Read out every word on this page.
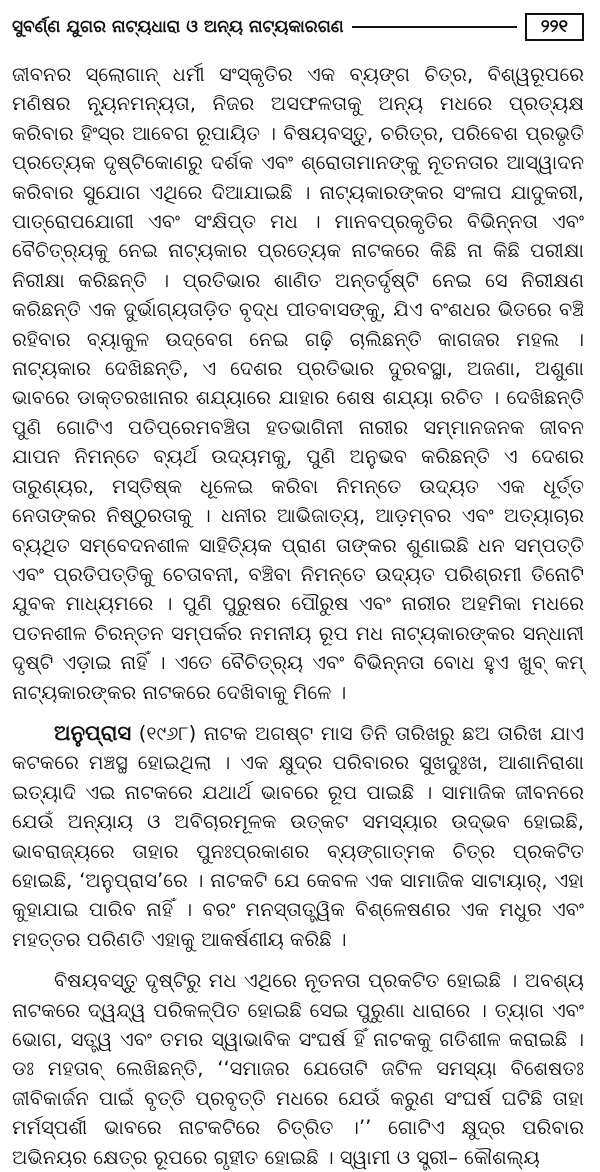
ସୁବର୍ଣ୍ଣ ଯୁଗର ନାଟ୍ୟଧାରା ଓ ଅନ୍ୟ ନାଟ୍ୟକାରଗଣ	୨୨୧

ଜୀବନର ସ୍ଲୋଗାନ୍ ଧର୍ମୀ ସଂସ୍କୃତିର ଏକ ବ୍ୟଙ୍ଗ ଚିତ୍ର, ବିଶ୍ୱରୂପରେ ମଣିଷର ନ୍ୟୂନମନ୍ୟତା, ନିଜର ଅସଫଳତାକୁ ଅନ୍ୟ ମଧରେ ପ୍ରତ୍ୟକ୍ଷ କରିବାର ହିଂସ୍ର ଆବେଗ ରୂପାୟିତ । ବିଷୟବସ୍ତୁ, ଚରିତ୍ର, ପରିବେଶ ପ୍ରଭୃତି ପ୍ରତ୍ୟେକ ଦୃଷ୍ଟିକୋଣରୁ ଦର୍ଶକ ଏବଂ ଶ୍ରୋତାମାନଙ୍କୁ ନୂତନତାର ଆସ୍ୱାଦନ କରିବାର ସୁଯୋଗ ଏଥିରେ ଦିଆଯାଇଛି । ନାଟ୍ୟକାରଙ୍କର ସଂଳାପ ଯାଦୁକରୀ, ପାତ୍ରୋପଯୋଗୀ ଏବଂ ସଂକ୍ଷିପ୍ତ ମଧ । ମାନବପ୍ରକୃତିର ବିଭିନ୍ନତା ଏବଂ ବୈଚିତ୍ର୍ୟକୁ ନେଇ ନାଟ୍ୟକାର ପ୍ରତ୍ୟେକ ନାଟକରେ କିଛି ନା କିଛି ପରୀକ୍ଷା ନିରୀକ୍ଷା କରିଛନ୍ତି । ପ୍ରତିଭାର ଶାଣିତ ଅନ୍ତର୍ଦୃଷ୍ଟି ନେଇ ସେ ନିରୀକ୍ଷଣ କରିଛନ୍ତି ଏକ ଦୁର୍ଭାଗ୍ୟତାଡ଼ିତ ବୃଦ୍ଧ ପୀତବାସଙ୍କୁ, ଯିଏ ବଂଶଧର ଭିତରେ ବଞ୍ଚି ରହିବାର ବ୍ୟାକୁଳ ଉଦ୍‌ବେଗ ନେଇ ଗଢ଼ି ଚାଲିଛନ୍ତି କାଗଜର ମହଲ । ନାଟ୍ୟକାର ଦେଖିଛନ୍ତି, ଏ ଦେଶର ପ୍ରତିଭାର ଦୁରବସ୍ଥା, ଅଜଣା, ଅଶୁଣା ଭାବରେ ଡାକ୍ତରଖାନାର ଶଯ୍ୟାରେ ଯାହାର ଶେଷ ଶଯ୍ୟା ରଚିତ । ଦେଖିଛନ୍ତି ପୁଣି ଗୋଟିଏ ପତିପ୍ରେମବଞ୍ଚିତା ହତଭାଗିନୀ ନାରୀର ସମ୍ମାନଜନକ ଜୀବନ ଯାପନ ନିମନ୍ତେ ବ୍ୟର୍ଥ ଉଦ୍ୟମକୁ, ପୁଣି ଅନୁଭବ କରିଛନ୍ତି ଏ ଦେଶର ତାରୁଣ୍ୟର, ମସ୍ତିଷ୍କ ଧୂଳେଇ କରିବା ନିମନ୍ତେ ଉଦ୍ୟତ ଏକ ଧୂର୍ତ୍ତ ନେତାଙ୍କର ନିଷ୍ଠୁରତାକୁ । ଧନୀର ଆଭିଜାତ୍ୟ, ଆଡ଼ମ୍ବର ଏବଂ ଅତ୍ୟାଚାର ବ୍ୟଥିତ ସମ୍ବେଦନଶୀଳ ସାହିତ୍ୟିକ ପ୍ରାଣ ତାଙ୍କର ଶୁଣାଇଛି ଧନ ସମ୍ପତ୍ତି ଏବଂ ପ୍ରତିପତ୍ତିକୁ ଚେତାବନୀ, ବଞ୍ଚିବା ନିମନ୍ତେ ଉଦ୍ୟତ ପରିଶ୍ରମୀ ତିନୋଟି ଯୁବକ ମାଧ୍ୟମରେ । ପୁଣି ପୁରୁଷର ପୌରୁଷ ଏବଂ ନାରୀର ଅହମିକା ମଧରେ ପତନଶୀଳ ଚିରନ୍ତନ ସମ୍ପର୍କର ନମନୀୟ ରୂପ ମଧ ନାଟ୍ୟକାରଙ୍କର ସନ୍ଧାନୀ ଦୃଷ୍ଟି ଏଡ଼ାଇ ନାହିଁ । ଏତେ ବୈଚିତ୍ର୍ୟ ଏବଂ ବିଭିନ୍ନତା ବୋଧ ହୁଏ ଖୁବ୍ କମ୍ ନାଟ୍ୟକାରଙ୍କର ନାଟକରେ ଦେଖିବାକୁ ମିଳେ ।

ଅନୁପ୍ରାସ (୧୯୬୮) ନାଟକ ଅଗଷ୍ଟ ମାସ ତିନି ତାରିଖରୁ ଛଅ ତାରିଖ ଯାଏ କଟକରେ ମଞ୍ଚସ୍ଥ ହୋଇଥିଲା । ଏକ କ୍ଷୁଦ୍ର ପରିବାରର ସୁଖଦୁଃଖ, ଆଶାନିରାଶା ଇତ୍ୟାଦି ଏଇ ନାଟକରେ ଯଥାର୍ଥ ଭାବରେ ରୂପ ପାଇଛି । ସାମାଜିକ ଜୀବନରେ ଯେଉଁ ଅନ୍ୟାୟ ଓ ଅବିଚାରମୂଳକ ଉତ୍କଟ ସମସ୍ୟାର ଉଦ୍ଭବ ହୋଇଛି, ଭାବରାଜ୍ୟରେ ତାହାର ପୁନଃପ୍ରକାଶର ବ୍ୟଙ୍ଗାତ୍ମକ ଚିତ୍ର ପ୍ରକଟିତ ହୋଇଛି, ‘ଅନୁପ୍ରାସ’ରେ । ନାଟକଟି ଯେ କେବଳ ଏକ ସାମାଜିକ ସାଟାୟାର୍, ଏହା କୁହାଯାଇ ପାରିବ ନାହିଁ । ବରଂ ମନସ୍ତାତ୍ତ୍ୱିକ ବିଶ୍ଳେଷଣର ଏକ ମଧୁର ଏବଂ ମହତ୍ତର ପରିଣତି ଏହାକୁ ଆକର୍ଷଣୀୟ କରିଛି ।

ବିଷୟବସ୍ତୁ ଦୃଷ୍ଟିରୁ ମଧ ଏଥିରେ ନୂତନତା ପ୍ରକଟିତ ହୋଇଛି । ଅବଶ୍ୟ ନାଟକରେ ଦ୍ୱନ୍ଦ୍ୱ ପରିକଳ୍ପିତ ହୋଇଛି ସେଇ ପୁରୁଣା ଧାରାରେ । ତ୍ୟାଗ ଏବଂ ଭୋଗ, ସତ୍ତ୍ୱ ଏବଂ ତମର ସ୍ୱାଭାବିକ ସଂଘର୍ଷ ହିଁ ନାଟକକୁ ଗତିଶୀଳ କରାଇଛି । ଡଃ ମହତାବ୍ ଲେଖିଛନ୍ତି, ‘‘ସମାଜର ଯେତୋଟି ଜଟିଳ ସମସ୍ୟା ବିଶେଷତଃ ଜୀବିକାର୍ଜନ ପାଇଁ ବୃତ୍ତି ପ୍ରବୃତ୍ତି ମଧରେ ଯେଉଁ କରୁଣ ସଂଘର୍ଷ ଘଟିଛି ତାହା ମର୍ମସ୍ପର୍ଶୀ ଭାବରେ ନାଟକଟିରେ ଚିତ୍ରିତ ।’’ ଗୋଟିଏ କ୍ଷୁଦ୍ର ପରିବାର ଅଭିନୟର କ୍ଷେତ୍ର ରୂପରେ ଗୃହୀତ ହୋଇଛି । ସ୍ୱାମୀ ଓ ସ୍ତ୍ରୀ– କୌଶଲ୍ୟ
